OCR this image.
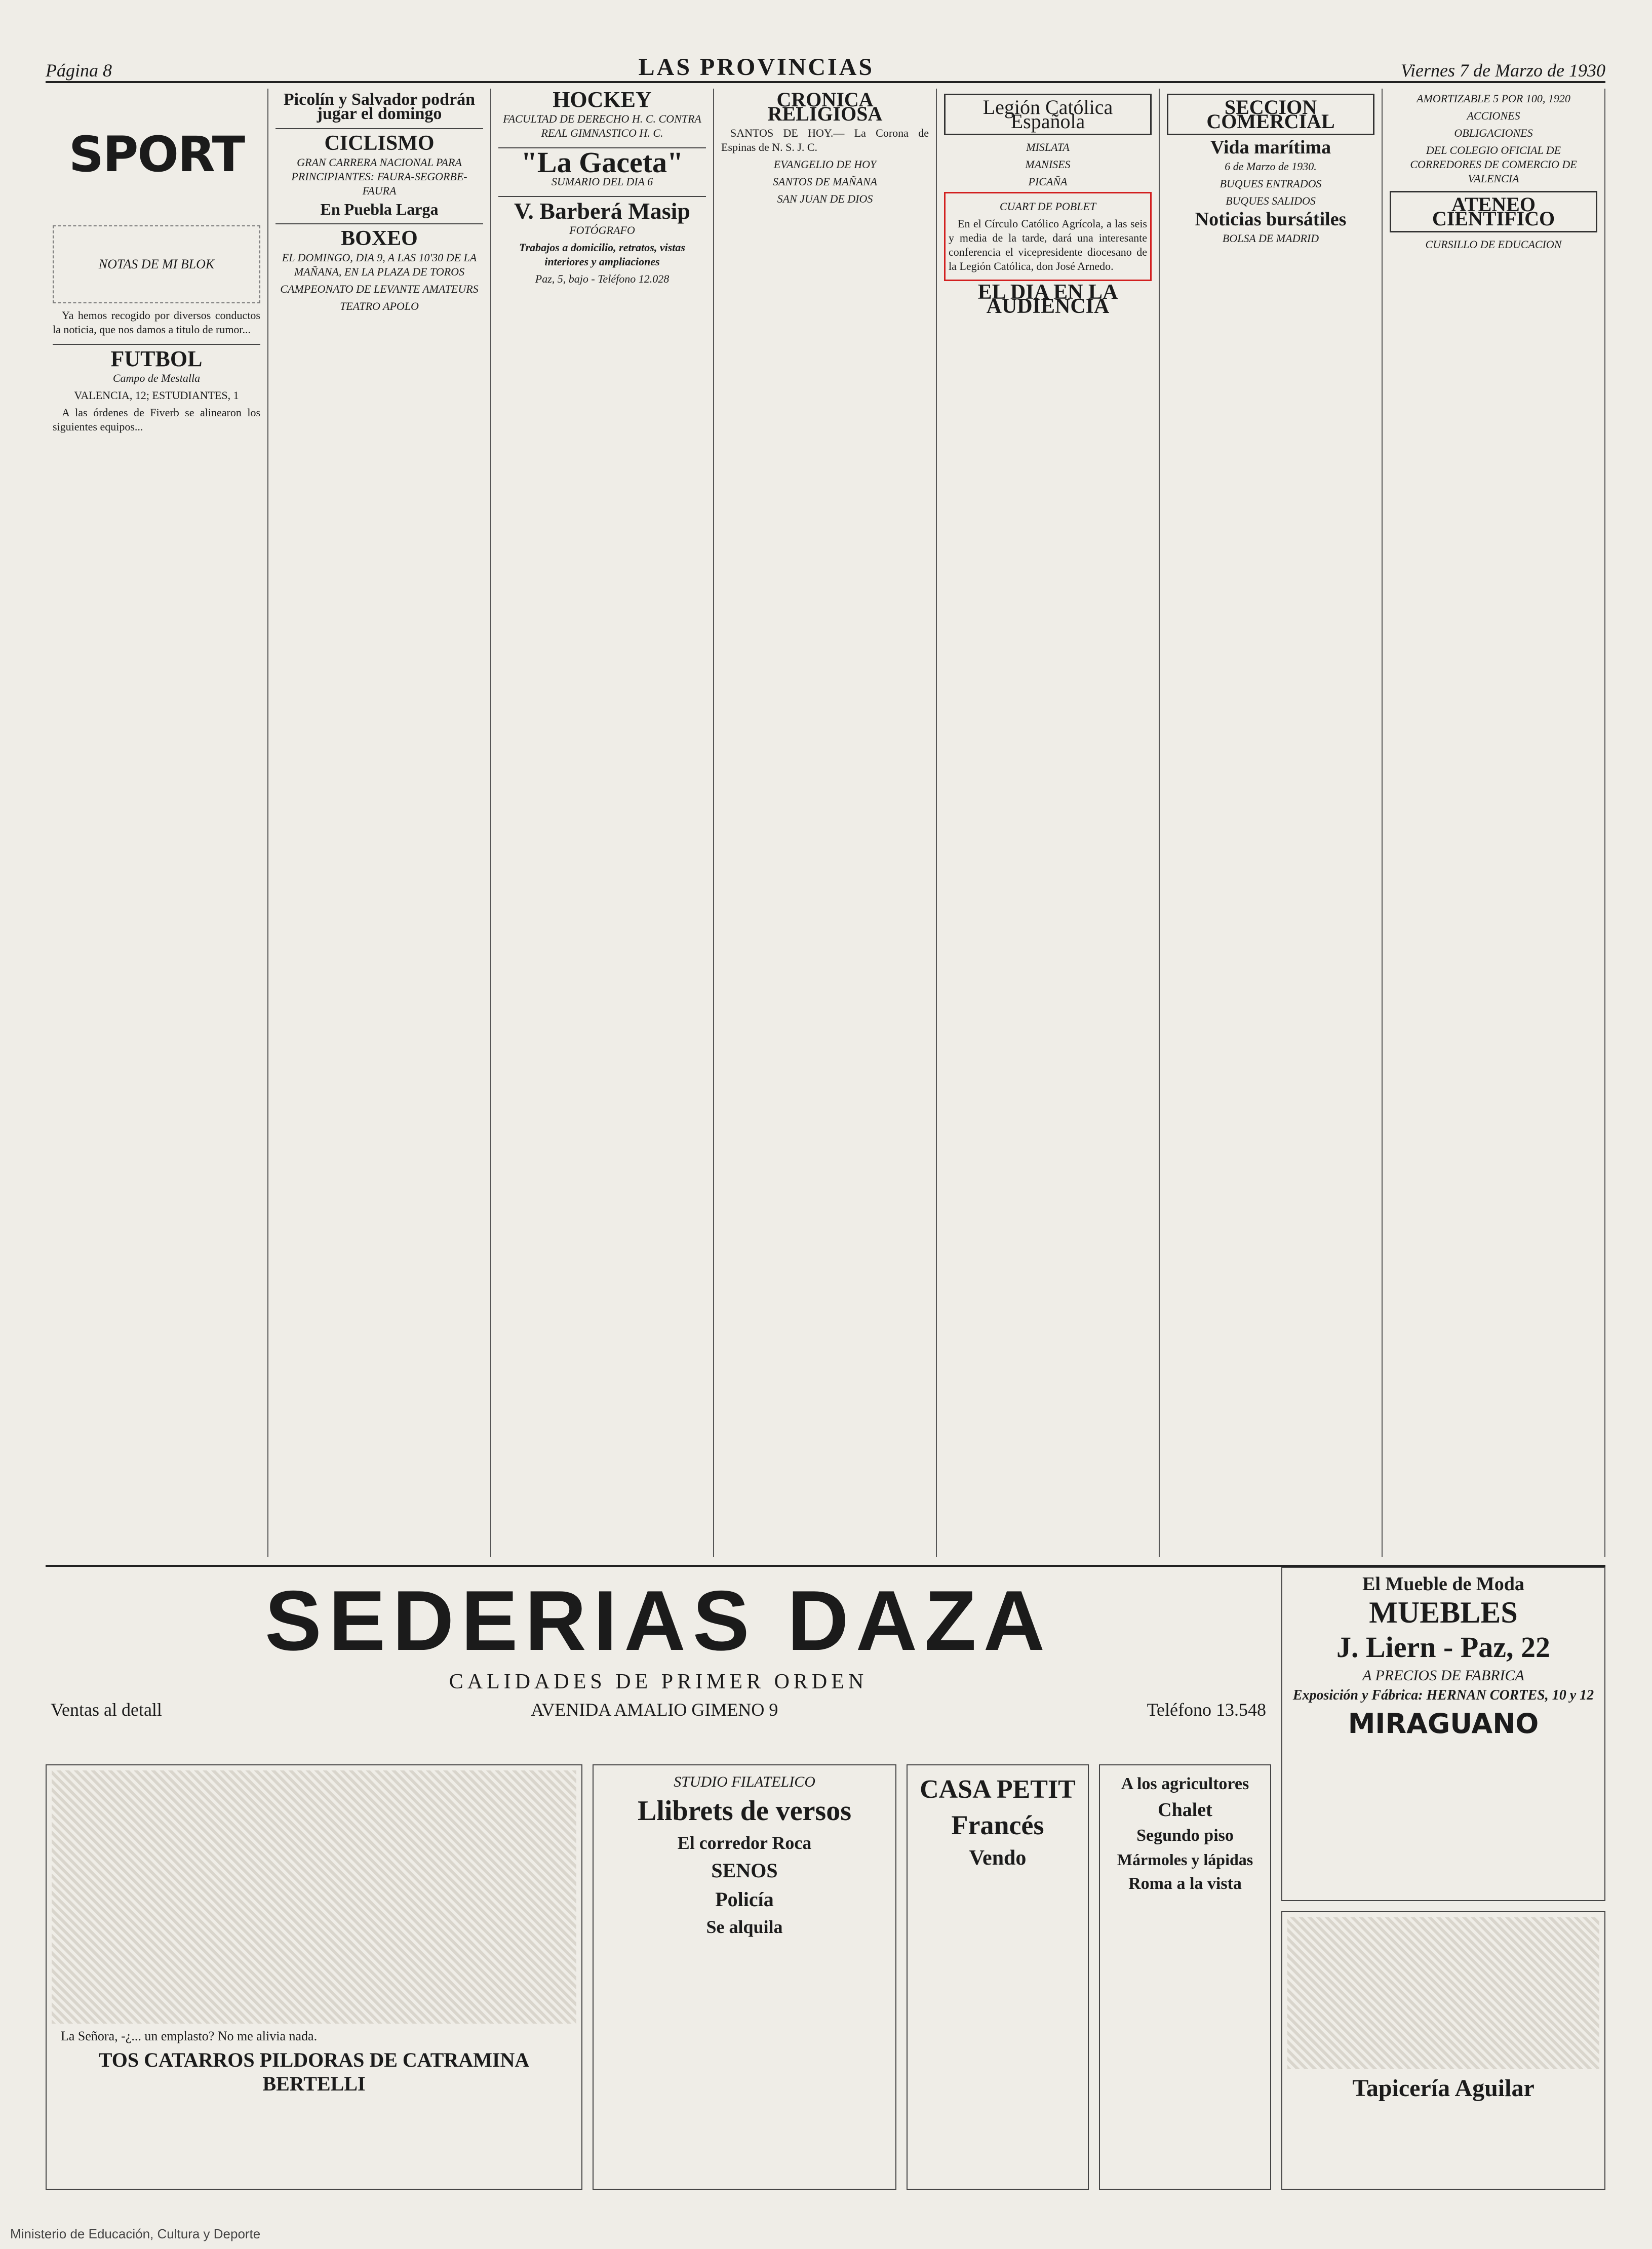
Página 8	LAS PROVINCIAS	Viernes 7 de Marzo de 1930
SPORT
NOTAS DE MI BLOK

Ya hemos recogido por diversos conductos la noticia, que nos damos a titulo de rumor...

FUTBOL
Campo de Mestalla
VALENCIA, 12; ESTUDIANTES, 1

A las órdenes de Fiverb se alinearon los siguientes equipos...

Picolín y Salvador podrán jugar el domingo
CICLISMO
GRAN CARRERA NACIONAL PARA PRINCIPIANTES: FAURA-SEGORBE-FAURA
En Puebla Larga
BOXEO
EL DOMINGO, DIA 9, A LAS 10'30 DE LA MAÑANA, EN LA PLAZA DE TOROS
CAMPEONATO DE LEVANTE AMATEURS
TEATRO APOLO
HOCKEY
FACULTAD DE DERECHO H. C. CONTRA REAL GIMNASTICO H. C.
"La Gaceta"
SUMARIO DEL DIA 6
V. Barberá Masip
FOTÓGRAFO
Trabajos a domicilio, retratos, vistas interiores y ampliaciones
Paz, 5, bajo - Teléfono 12.028
CRONICA RELIGIOSA

SANTOS DE HOY.— La Corona de Espinas de N. S. J. C.

EVANGELIO DE HOY
SANTOS DE MAÑANA
SAN JUAN DE DIOS
Legión Católica Española
MISLATA
MANISES
PICAÑA
CUART DE POBLET

En el Círculo Católico Agrícola, a las seis y media de la tarde, dará una interesante conferencia el vicepresidente diocesano de la Legión Católica, don José Arnedo.

EL DIA EN LA AUDIENCIA
SECCION COMERCIAL
Vida marítima
6 de Marzo de 1930.
BUQUES ENTRADOS
BUQUES SALIDOS
Noticias bursátiles
BOLSA DE MADRID
AMORTIZABLE 5 POR 100, 1920
ACCIONES
OBLIGACIONES
DEL COLEGIO OFICIAL DE CORREDORES DE COMERCIO DE VALENCIA
ATENEO CIENTIFICO
CURSILLO DE EDUCACION

SEDERIAS DAZA

CALIDADES DE PRIMER ORDEN

Ventas al detall	AVENIDA AMALIO GIMENO 9	Teléfono 13.548
El Mueble de Moda
MUEBLES
J. Liern - Paz, 22
A PRECIOS DE FABRICA
Exposición y Fábrica: HERNAN CORTES, 10 y 12
MIRAGUANO

La Señora, -¿... un emplasto? No me alivia nada.

TOS CATARROS PILDORAS DE CATRAMINA BERTELLI
STUDIO FILATELICO
Llibrets de versos
El corredor Roca
SENOS
Policía
Se alquila
CASA PETIT
Francés
Vendo
A los agricultores
Chalet
Segundo piso
Mármoles y lápidas
Roma a la vista
Tapicería Aguilar
Ministerio de Educación, Cultura y Deporte
